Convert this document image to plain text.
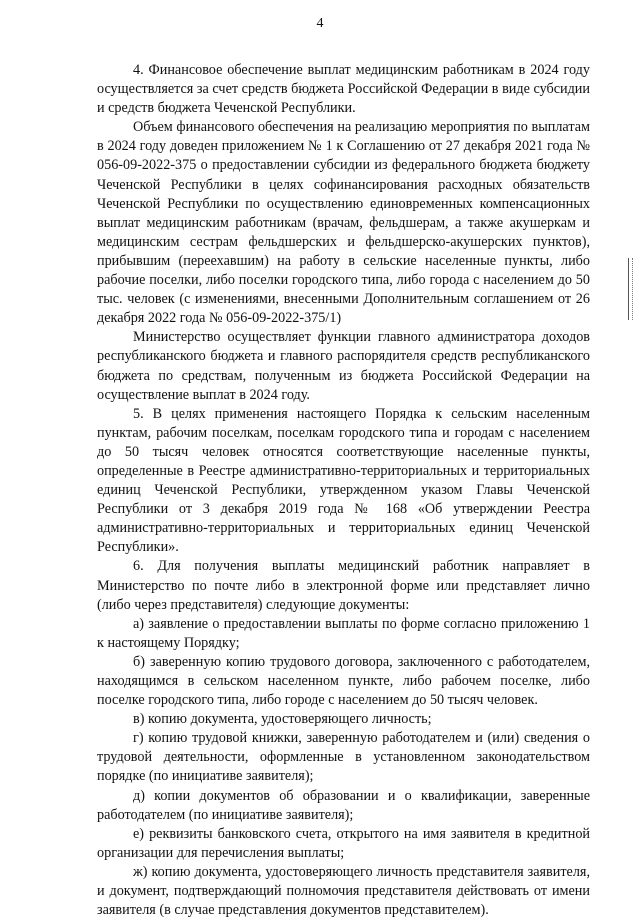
4

4. Финансовое обеспечение выплат медицинским работникам в 2024 году осуществляется за счет средств бюджета Российской Федерации в виде субсидии и средств бюджета Чеченской Республики.

Объем финансового обеспечения на реализацию мероприятия по выплатам в 2024 году доведен приложением № 1 к Соглашению от 27 декабря 2021 года № 056-09-2022-375 о предоставлении субсидии из федерального бюджета бюджету Чеченской Республики в целях софинансирования расходных обязательств Чеченской Республики по осуществлению единовременных компенсационных выплат медицинским работникам (врачам, фельдшерам, а также акушеркам и медицинским сестрам фельдшерских и фельдшерско-акушерских пунктов), прибывшим (переехавшим) на работу в сельские населенные пункты, либо рабочие поселки, либо поселки городского типа, либо города с населением до 50 тыс. человек (с изменениями, внесенными Дополнительным соглашением от 26 декабря 2022 года № 056-09-2022-375/1)

Министерство осуществляет функции главного администратора доходов республиканского бюджета и главного распорядителя средств республиканского бюджета по средствам, полученным из бюджета Российской Федерации на осуществление выплат в 2024 году.

5. В целях применения настоящего Порядка к сельским населенным пунктам, рабочим поселкам, поселкам городского типа и городам с населением до 50 тысяч человек относятся соответствующие населенные пункты, определенные в Реестре административно-территориальных и территориальных единиц Чеченской Республики, утвержденном указом Главы Чеченской Республики от 3 декабря 2019 года № 168 «Об утверждении Реестра административно-территориальных и территориальных единиц Чеченской Республики».

6. Для получения выплаты медицинский работник направляет в Министерство по почте либо в электронной форме или представляет лично (либо через представителя) следующие документы:

а) заявление о предоставлении выплаты по форме согласно приложению 1 к настоящему Порядку;

б) заверенную копию трудового договора, заключенного с работодателем, находящимся в сельском населенном пункте, либо рабочем поселке, либо поселке городского типа, либо городе с населением до 50 тысяч человек.

в) копию документа, удостоверяющего личность;

г) копию трудовой книжки, заверенную работодателем и (или) сведения о трудовой деятельности, оформленные в установленном законодательством порядке (по инициативе заявителя);

д) копии документов об образовании и о квалификации, заверенные работодателем (по инициативе заявителя);

е) реквизиты банковского счета, открытого на имя заявителя в кредитной организации для перечисления выплаты;

ж) копию документа, удостоверяющего личность представителя заявителя, и документ, подтверждающий полномочия представителя действовать от имени заявителя (в случае представления документов представителем).
